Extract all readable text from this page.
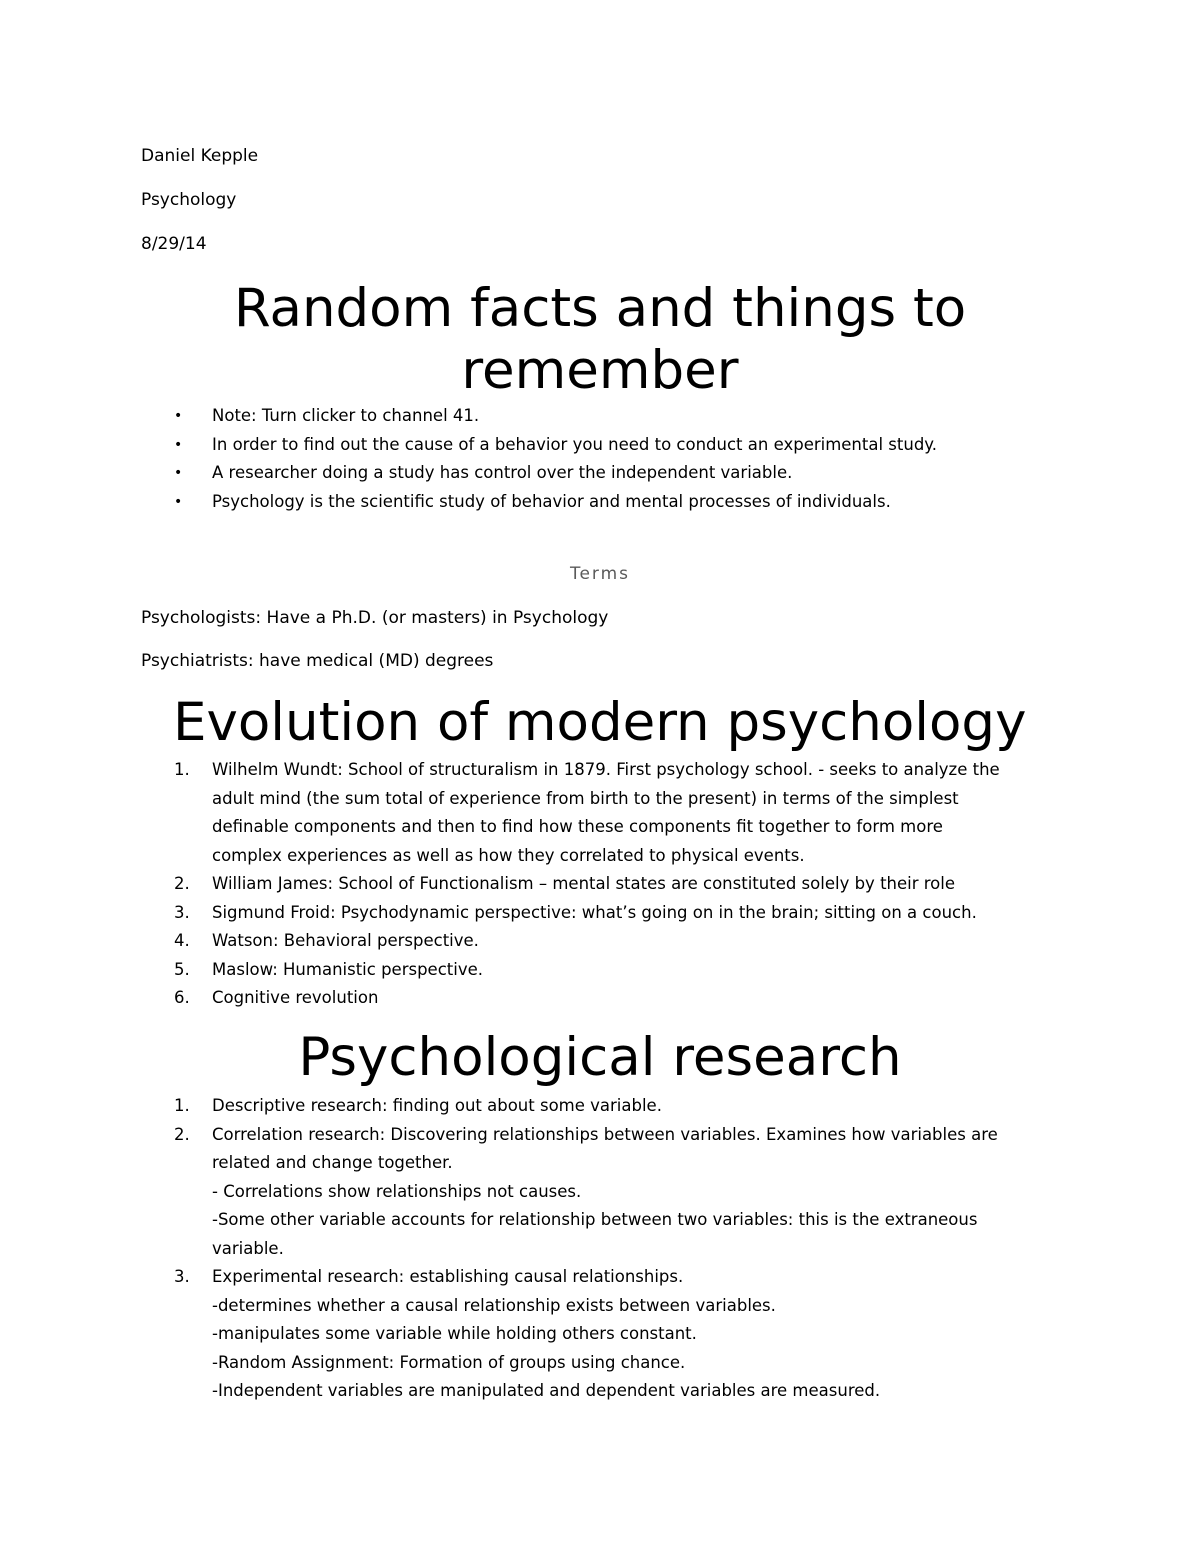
Daniel Kepple
Psychology
8/29/14
Random facts and things to
remember
• Note: Turn clicker to channel 41.
• In order to find out the cause of a behavior you need to conduct an experimental study.
• A researcher doing a study has control over the independent variable.
• Psychology is the scientific study of behavior and mental processes of individuals.
Terms
Psychologists: Have a Ph.D. (or masters) in Psychology
Psychiatrists: have medical (MD) degrees
Evolution of modern psychology
1.	Wilhelm Wundt: School of structuralism in 1879. First psychology school. - seeks to analyze the
adult mind (the sum total of experience from birth to the present) in terms of the simplest
definable components and then to find how these components fit together to form more
complex experiences as well as how they correlated to physical events.
2.	William James: School of Functionalism – mental states are constituted solely by their role
3.	Sigmund Froid: Psychodynamic perspective: what’s going on in the brain; sitting on a couch.
4.	Watson: Behavioral perspective.
5.	Maslow: Humanistic perspective.
6.	Cognitive revolution
Psychological research
1.	Descriptive research: finding out about some variable.
2.	Correlation research: Discovering relationships between variables. Examines how variables are
related and change together.
- Correlations show relationships not causes.
-Some other variable accounts for relationship between two variables: this is the extraneous
variable.
3.	Experimental research: establishing causal relationships.
-determines whether a causal relationship exists between variables.
-manipulates some variable while holding others constant.
-Random Assignment: Formation of groups using chance.
-Independent variables are manipulated and dependent variables are measured.
